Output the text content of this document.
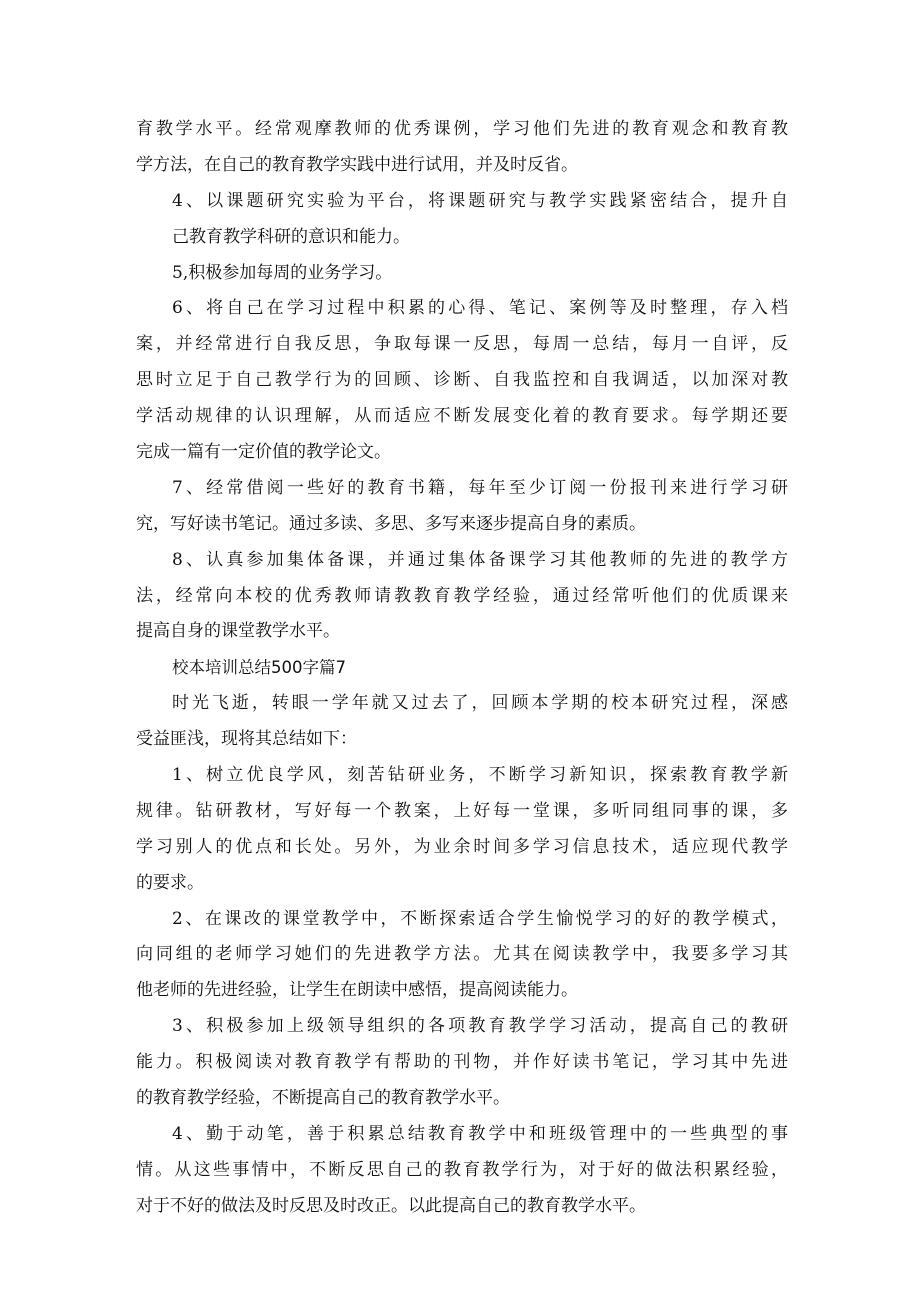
育教学水平。经常观摩教师的优秀课例，学习他们先进的教育观念和教育教
学方法，在自己的教育教学实践中进行试用，并及时反省。
4、以课题研究实验为平台，将课题研究与教学实践紧密结合，提升自
己教育教学科研的意识和能力。
5,积极参加每周的业务学习。
6、将自己在学习过程中积累的心得、笔记、案例等及时整理，存入档
案，并经常进行自我反思，争取每课一反思，每周一总结，每月一自评，反
思时立足于自己教学行为的回顾、诊断、自我监控和自我调适，以加深对教
学活动规律的认识理解，从而适应不断发展变化着的教育要求。每学期还要
完成一篇有一定价值的教学论文。
7、经常借阅一些好的教育书籍，每年至少订阅一份报刊来进行学习研
究，写好读书笔记。通过多读、多思、多写来逐步提高自身的素质。
8、认真参加集体备课，并通过集体备课学习其他教师的先进的教学方
法，经常向本校的优秀教师请教教育教学经验，通过经常听他们的优质课来
提高自身的课堂教学水平。
校本培训总结500字篇7
时光飞逝，转眼一学年就又过去了，回顾本学期的校本研究过程，深感
受益匪浅，现将其总结如下：
1、树立优良学风，刻苦钻研业务，不断学习新知识，探索教育教学新
规律。钻研教材，写好每一个教案，上好每一堂课，多听同组同事的课，多
学习别人的优点和长处。另外，为业余时间多学习信息技术，适应现代教学
的要求。
2、在课改的课堂教学中，不断探索适合学生愉悦学习的好的教学模式，
向同组的老师学习她们的先进教学方法。尤其在阅读教学中，我要多学习其
他老师的先进经验，让学生在朗读中感悟，提高阅读能力。
3、积极参加上级领导组织的各项教育教学学习活动，提高自己的教研
能力。积极阅读对教育教学有帮助的刊物，并作好读书笔记，学习其中先进
的教育教学经验，不断提高自己的教育教学水平。
4、勤于动笔，善于积累总结教育教学中和班级管理中的一些典型的事
情。从这些事情中，不断反思自己的教育教学行为，对于好的做法积累经验，
对于不好的做法及时反思及时改正。以此提高自己的教育教学水平。
